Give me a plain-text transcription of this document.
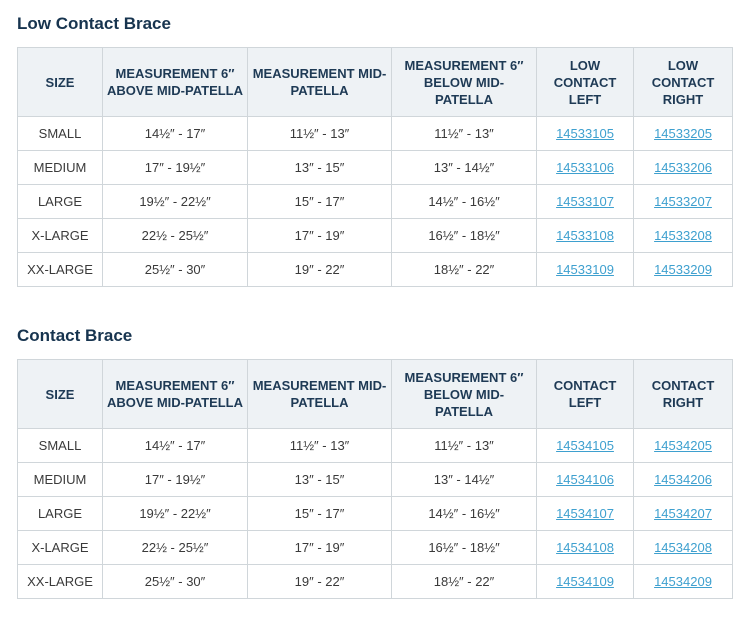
Low Contact Brace
SIZE	MEASUREMENT 6″ ABOVE MID-PATELLA	MEASUREMENT MID-PATELLA	MEASUREMENT 6″ BELOW MID-PATELLA	LOW CONTACT LEFT	LOW CONTACT RIGHT
SMALL	14½″ - 17″	11½″ - 13″	11½″ - 13″	14533105	14533205
MEDIUM	17″ - 19½″	13″ - 15″	13″ - 14½″	14533106	14533206
LARGE	19½″ - 22½″	15″ - 17″	14½″ - 16½″	14533107	14533207
X-LARGE	22½ - 25½″	17″ - 19″	16½″ - 18½″	14533108	14533208
XX-LARGE	25½″ - 30″	19″ - 22″	18½″ - 22″	14533109	14533209
Contact Brace
SIZE	MEASUREMENT 6″ ABOVE MID-PATELLA	MEASUREMENT MID-PATELLA	MEASUREMENT 6″ BELOW MID-PATELLA	CONTACT LEFT	CONTACT RIGHT
SMALL	14½″ - 17″	11½″ - 13″	11½″ - 13″	14534105	14534205
MEDIUM	17″ - 19½″	13″ - 15″	13″ - 14½″	14534106	14534206
LARGE	19½″ - 22½″	15″ - 17″	14½″ - 16½″	14534107	14534207
X-LARGE	22½ - 25½″	17″ - 19″	16½″ - 18½″	14534108	14534208
XX-LARGE	25½″ - 30″	19″ - 22″	18½″ - 22″	14534109	14534209
